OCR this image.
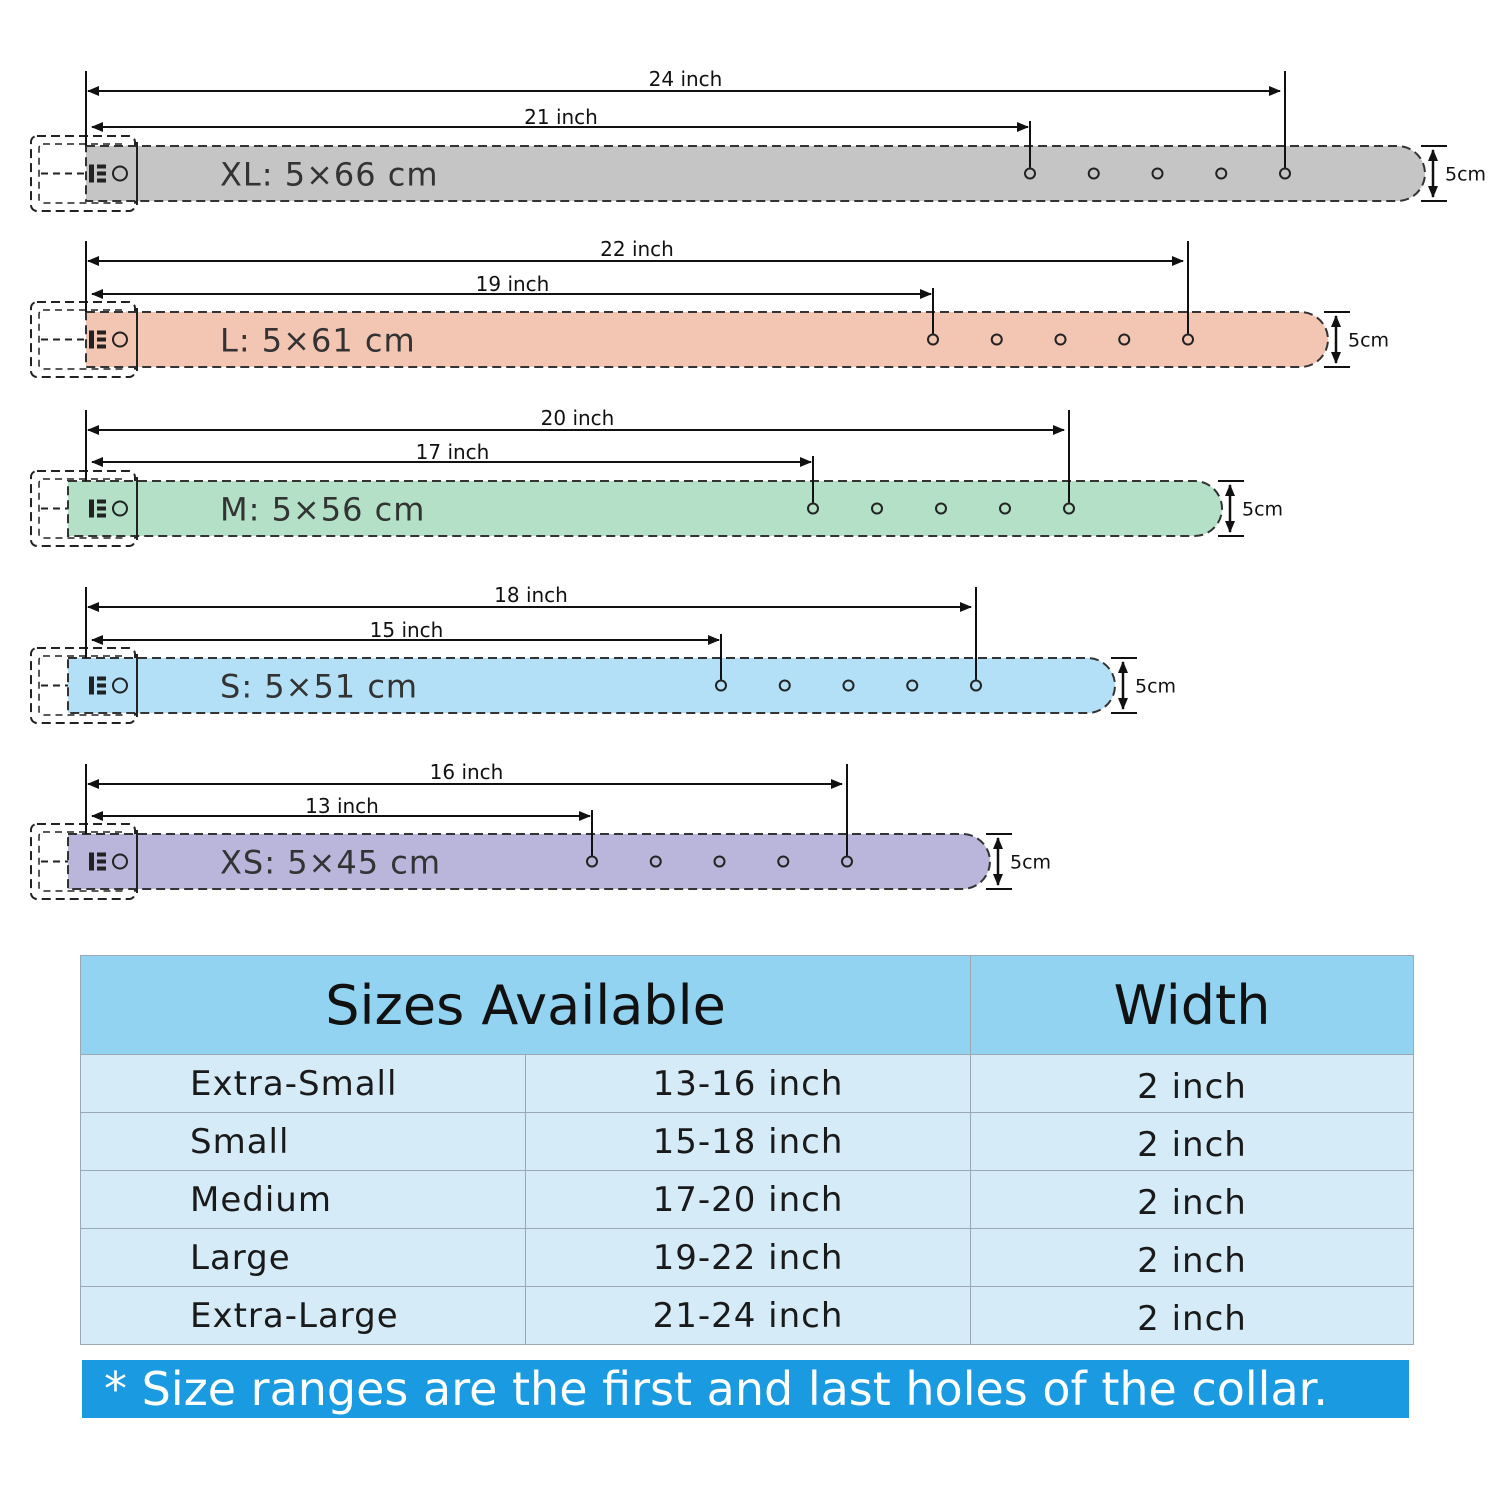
XL: 5×66 cm
24 inch
21 inch
5cm
L: 5×61 cm
22 inch
19 inch
5cm
M: 5×56 cm
20 inch
17 inch
5cm
S: 5×51 cm
18 inch
15 inch
5cm
XS: 5×45 cm
16 inch
13 inch
5cm
Sizes Available		Width
Extra-Small	13-16 inch	2 inch
Small	15-18 inch	2 inch
Medium	17-20 inch	2 inch
Large	19-22 inch	2 inch
Extra-Large	21-24 inch	2 inch
* Size ranges are the first and last holes of the collar.
